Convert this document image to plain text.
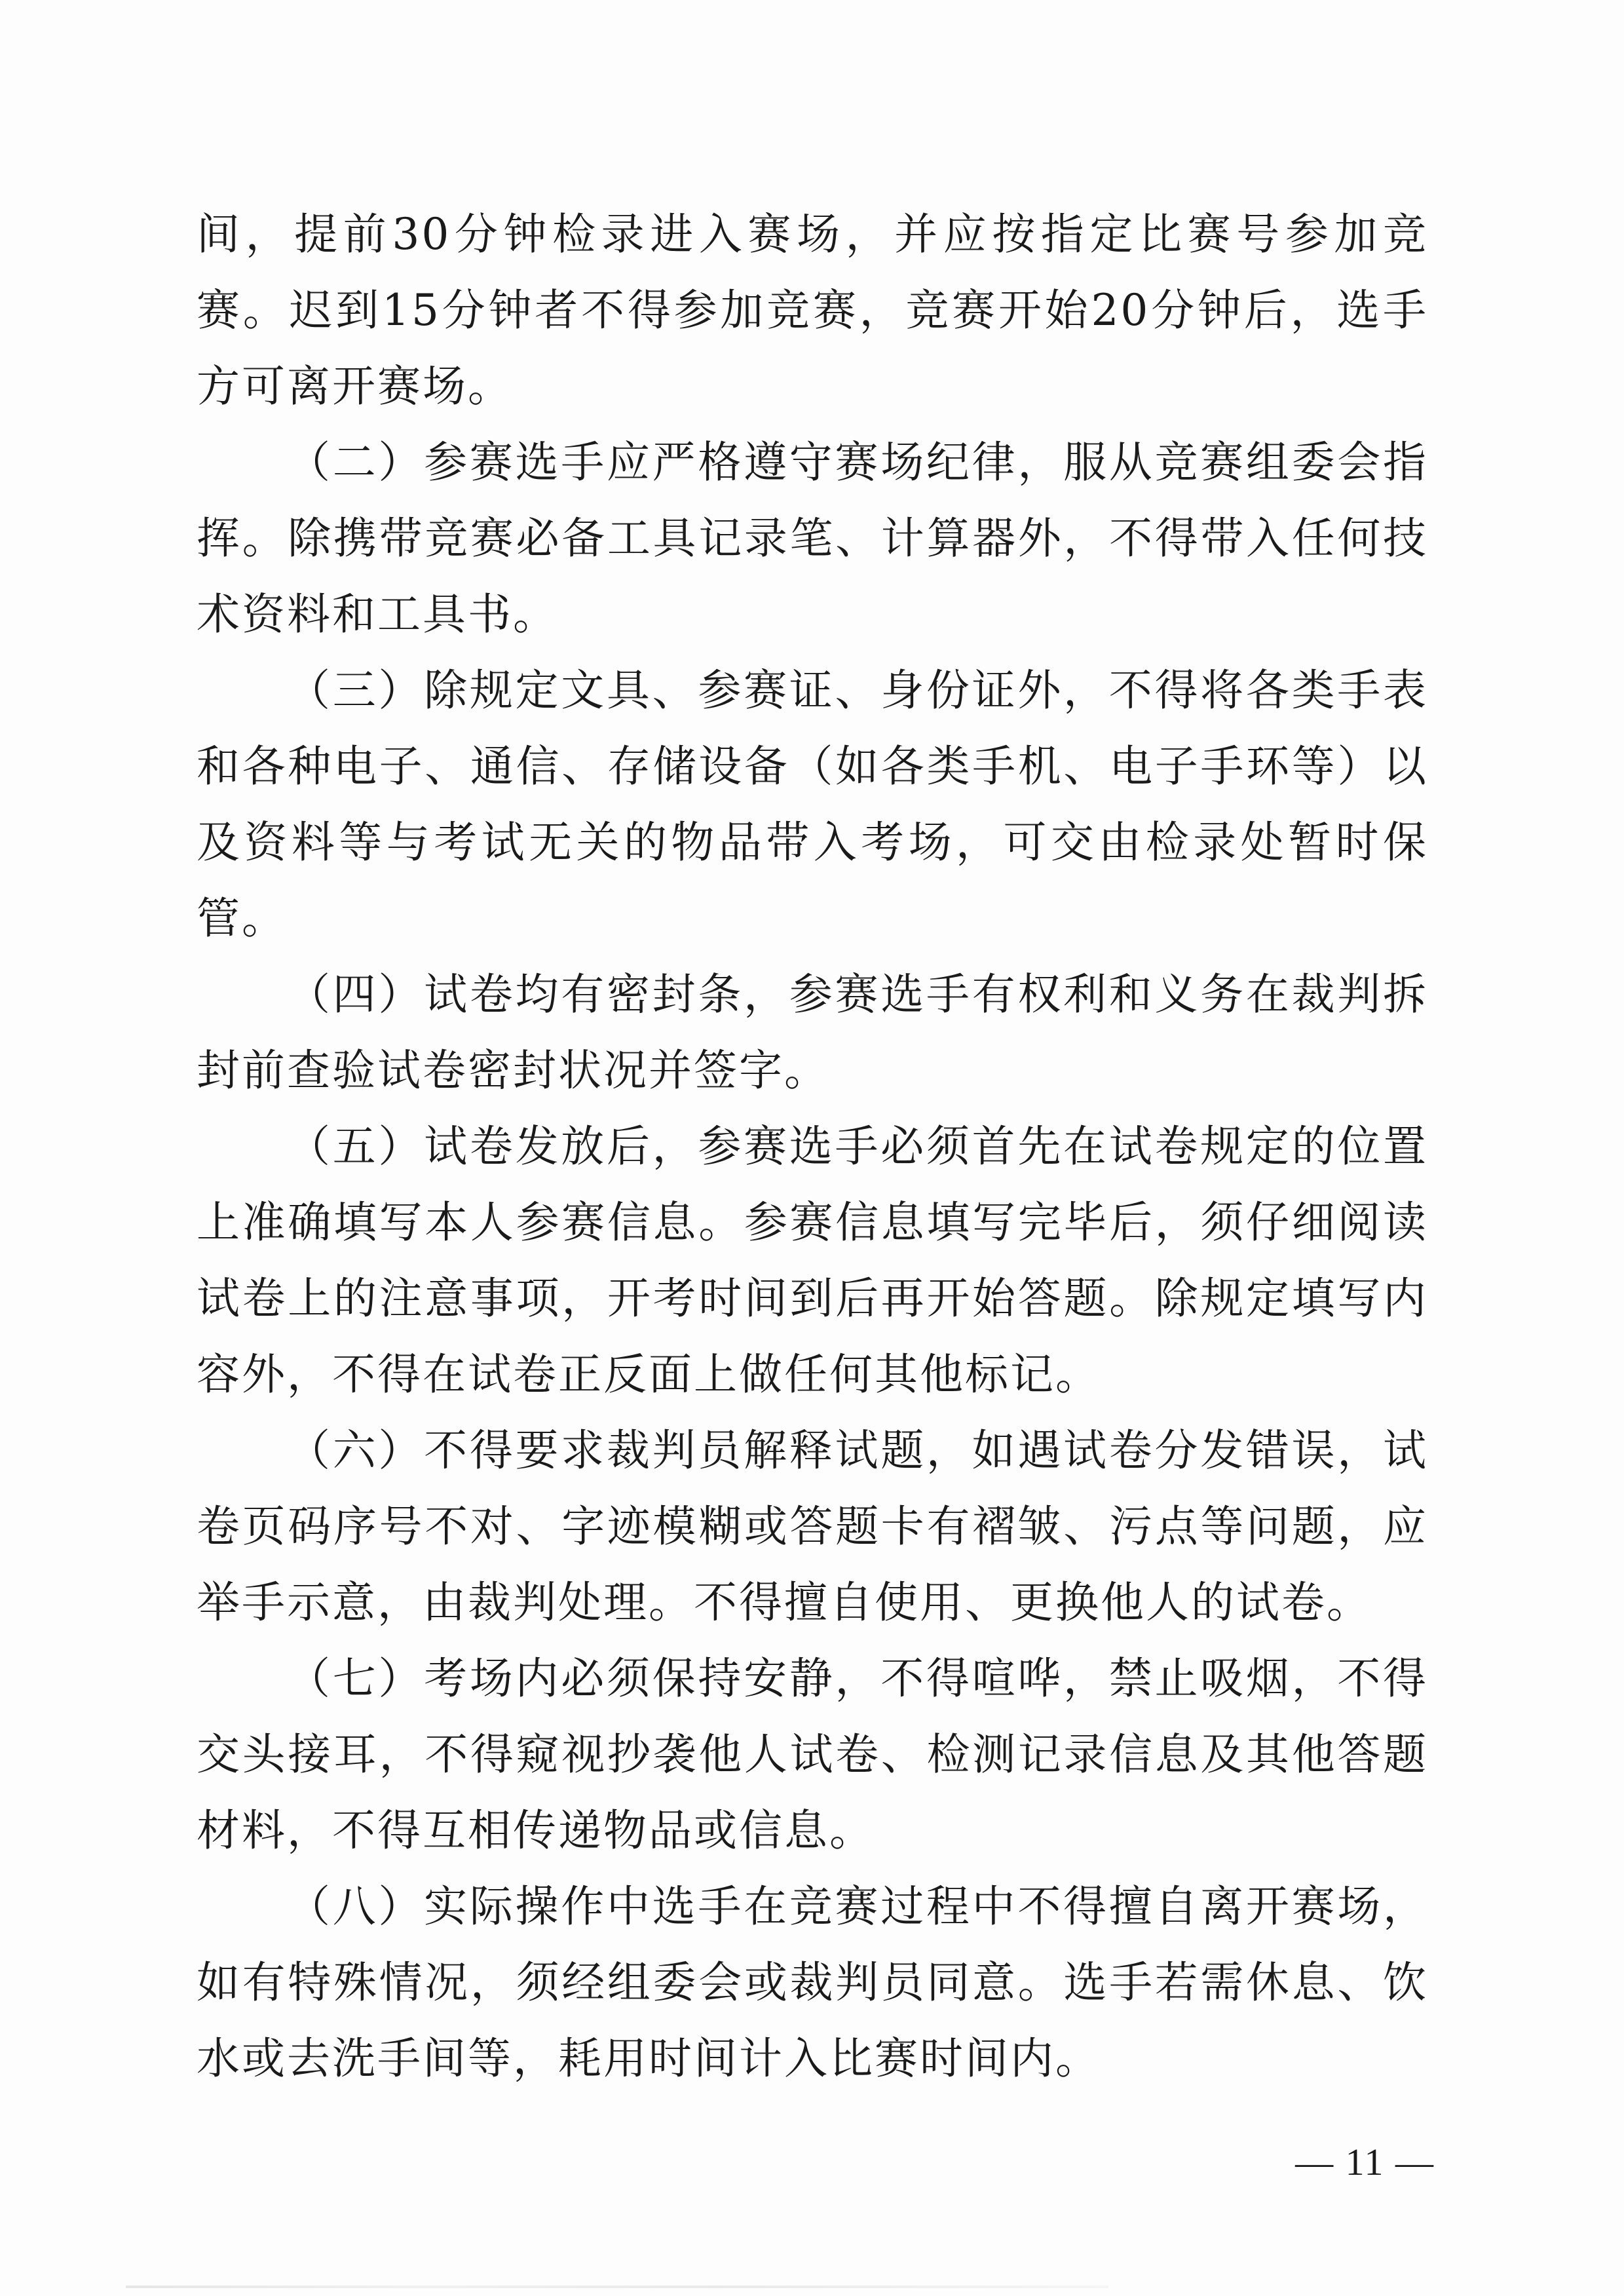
间，提前30分钟检录进入赛场，并应按指定比赛号参加竞赛。迟到15分钟者不得参加竞赛，竞赛开始20分钟后，选手方可离开赛场。

（二）参赛选手应严格遵守赛场纪律，服从竞赛组委会指挥。除携带竞赛必备工具记录笔、计算器外，不得带入任何技术资料和工具书。

（三）除规定文具、参赛证、身份证外，不得将各类手表和各种电子、通信、存储设备（如各类手机、电子手环等）以及资料等与考试无关的物品带入考场，可交由检录处暂时保管。

（四）试卷均有密封条，参赛选手有权利和义务在裁判拆封前查验试卷密封状况并签字。

（五）试卷发放后，参赛选手必须首先在试卷规定的位置上准确填写本人参赛信息。参赛信息填写完毕后，须仔细阅读试卷上的注意事项，开考时间到后再开始答题。除规定填写内容外，不得在试卷正反面上做任何其他标记。

（六）不得要求裁判员解释试题，如遇试卷分发错误，试卷页码序号不对、字迹模糊或答题卡有褶皱、污点等问题，应举手示意，由裁判处理。不得擅自使用、更换他人的试卷。

（七）考场内必须保持安静，不得喧哗，禁止吸烟，不得交头接耳，不得窥视抄袭他人试卷、检测记录信息及其他答题材料，不得互相传递物品或信息。

（八）实际操作中选手在竞赛过程中不得擅自离开赛场，如有特殊情况，须经组委会或裁判员同意。选手若需休息、饮水或去洗手间等，耗用时间计入比赛时间内。

— 11 —
